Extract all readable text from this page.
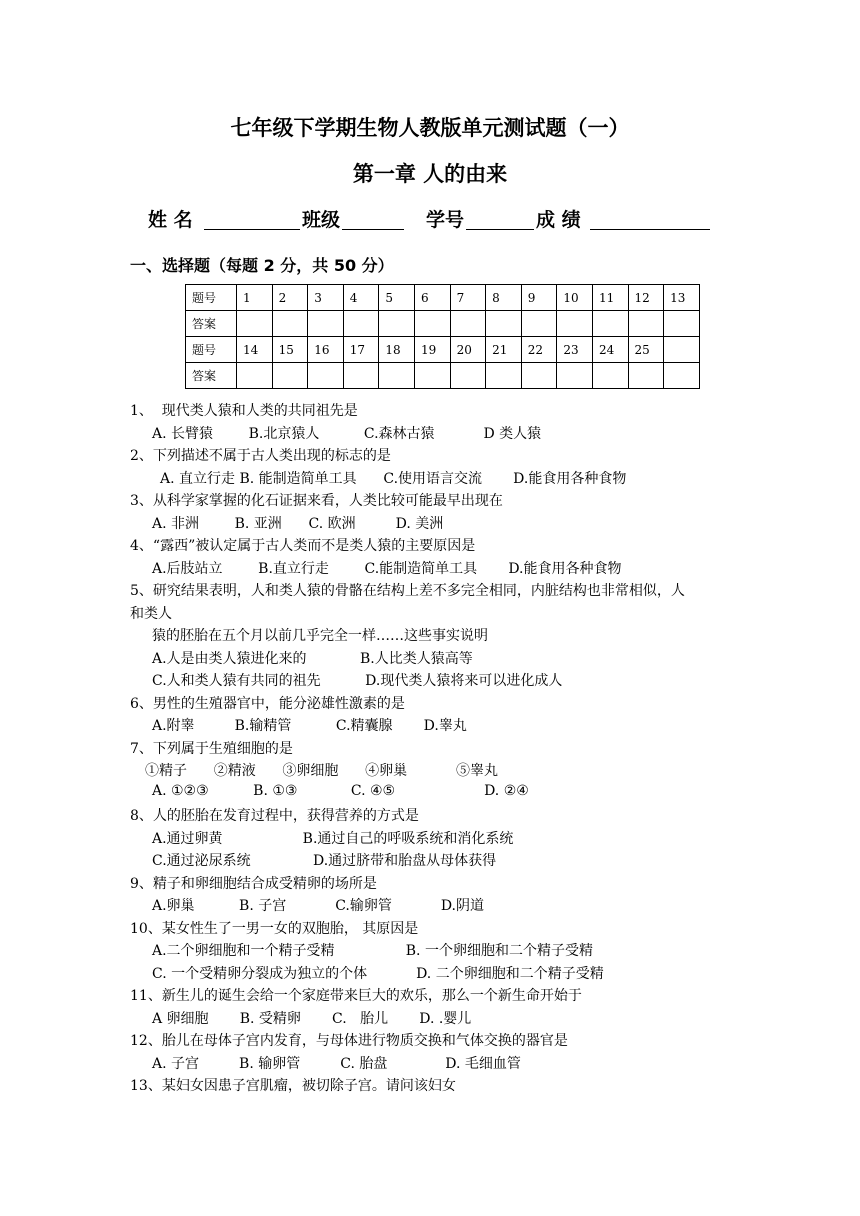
七年级下学期生物人教版单元测试题（一）
第一章 人的由来
姓 名	班级	学号	成 绩
一、选择题（每题 2 分，共 50 分）
题号	1	2	3	4	5	6	7	8	9	10	11	12	13
答案													
题号	14	15	16	17	18	19	20	21	22	23	24	25	
答案													
1、  现代类人猿和人类的共同祖先是
A. 长臂猿        B.北京猿人          C.森林古猿           D 类人猿
2、下列描述不属于古人类出现的标志的是
A. 直立行走 B. 能制造简单工具      C.使用语言交流       D.能食用各种食物
3、从科学家掌握的化石证据来看，人类比较可能最早出现在
A. 非洲        B. 亚洲      C. 欧洲         D. 美洲
4、“露西”被认定属于古人类而不是类人猿的主要原因是
A.后肢站立        B.直立行走        C.能制造简单工具       D.能食用各种食物
5、研究结果表明，人和类人猿的骨骼在结构上差不多完全相同，内脏结构也非常相似，人
和类人
猿的胚胎在五个月以前几乎完全一样……这些事实说明
A.人是由类人猿进化来的            B.人比类人猿高等
C.人和类人猿有共同的祖先          D.现代类人猿将来可以进化成人
6、男性的生殖器官中，能分泌雄性激素的是
A.附睾         B.输精管          C.精囊腺       D.睾丸
7、下列属于生殖细胞的是
①精子      ②精液      ③卵细胞      ④卵巢           ⑤睾丸
A. ①②③          B. ①③            C. ④⑤                    D. ②④
8、人的胚胎在发育过程中，获得营养的方式是
A.通过卵黄                  B.通过自己的呼吸系统和消化系统
C.通过泌尿系统              D.通过脐带和胎盘从母体获得
9、精子和卵细胞结合成受精卵的场所是
A.卵巢          B. 子宫           C.输卵管           D.阴道
10、某女性生了一男一女的双胞胎， 其原因是
A.二个卵细胞和一个精子受精                B. 一个卵细胞和二个精子受精
C. 一个受精卵分裂成为独立的个体           D. 二个卵细胞和二个精子受精
11、新生儿的诞生会给一个家庭带来巨大的欢乐，那么一个新生命开始于
A 卵细胞       B. 受精卵       C.   胎儿       D. .婴儿
12、胎儿在母体子宫内发育，与母体进行物质交换和气体交换的器官是
A. 子宫         B. 输卵管         C. 胎盘             D. 毛细血管
13、某妇女因患子宫肌瘤，被切除子宫。请问该妇女
